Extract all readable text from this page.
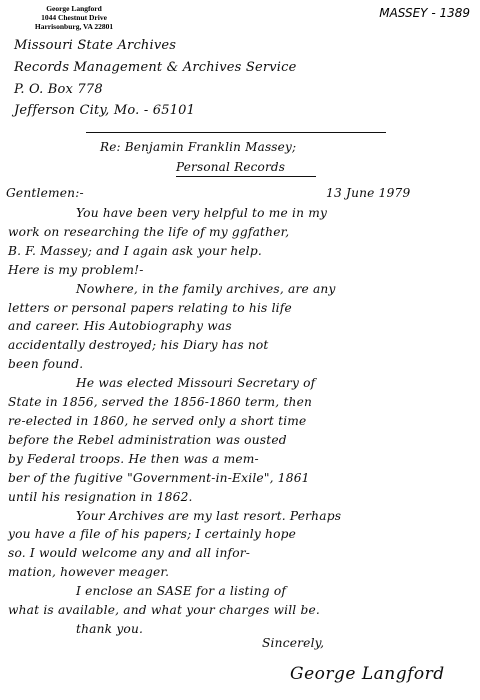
George Langford
1044 Chestnut Drive
Harrisonburg, VA 22801
MASSEY - 1389
Missouri State Archives
Records Management & Archives Service
P. O. Box 778
Jefferson City, Mo. - 65101
Re: Benjamin Franklin Massey;
Personal Records
Gentlemen:-	13 June 1979
You have been very helpful to me in my
work on researching the life of my ggfather,
B. F. Massey; and I again ask your help.
Here is my problem!-
Nowhere, in the family archives, are any
letters or personal papers relating to his life
and career. His Autobiography was
accidentally destroyed; his Diary has not
been found.
He was elected Missouri Secretary of
State in 1856, served the 1856-1860 term, then
re-elected in 1860, he served only a short time
before the Rebel administration was ousted
by Federal troops. He then was a mem-
ber of the fugitive "Government-in-Exile", 1861
until his resignation in 1862.
Your Archives are my last resort. Perhaps
you have a file of his papers; I certainly hope
so. I would welcome any and all infor-
mation, however meager.
I enclose an SASE for a listing of
what is available, and what your charges will be.
thank you.
Sincerely,
George Langford
